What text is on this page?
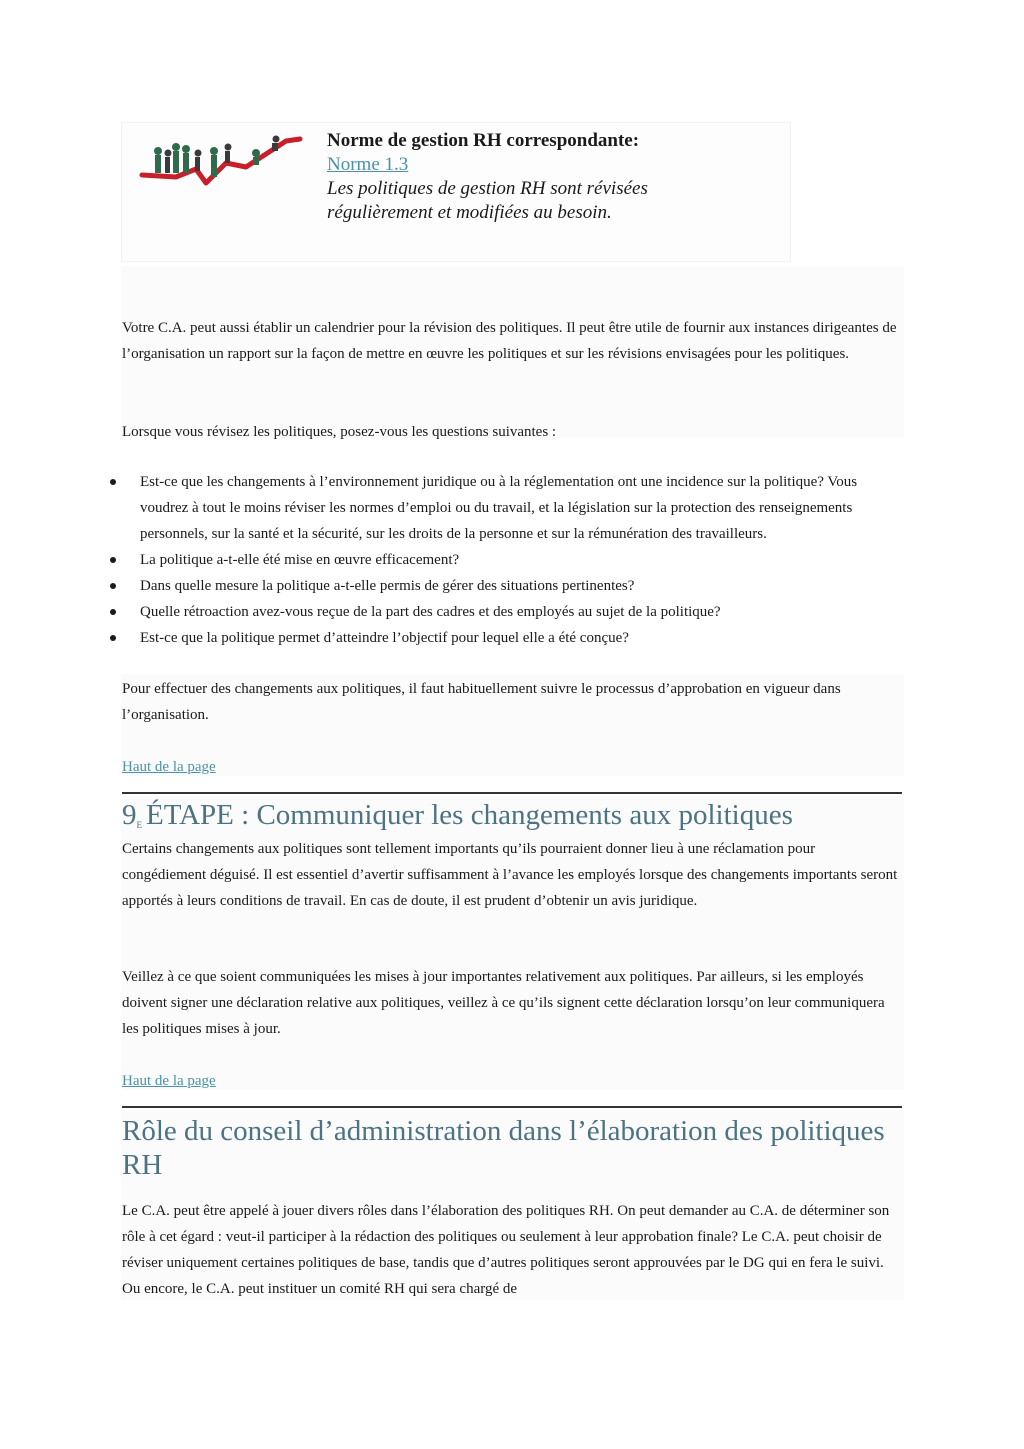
Norme de gestion RH correspondante:
Norme 1.3
Les politiques de gestion RH sont révisées
régulièrement et modifiées au besoin.

Votre C.A. peut aussi établir un calendrier pour la révision des politiques. Il peut être utile de fournir aux instances dirigeantes de l’organisation un rapport sur la façon de mettre en œuvre les politiques et sur les révisions envisagées pour les politiques.

Lorsque vous révisez les politiques, posez-vous les questions suivantes :

Est-ce que les changements à l’environnement juridique ou à la réglementation ont une incidence sur la politique? Vous voudrez à tout le moins réviser les normes d’emploi ou du travail, et la législation sur la protection des renseignements personnels, sur la santé et la sécurité, sur les droits de la personne et sur la rémunération des travailleurs.
La politique a-t-elle été mise en œuvre efficacement?
Dans quelle mesure la politique a-t-elle permis de gérer des situations pertinentes?
Quelle rétroaction avez-vous reçue de la part des cadres et des employés au sujet de la politique?
Est-ce que la politique permet d’atteindre l’objectif pour lequel elle a été conçue?

Pour effectuer des changements aux politiques, il faut habituellement suivre le processus d’approbation en vigueur dans l’organisation.

Haut de la page

$9^E$ ÉTAPE : Communiquer les changements aux politiques

Certains changements aux politiques sont tellement importants qu’ils pourraient donner lieu à une réclamation pour congédiement déguisé. Il est essentiel d’avertir suffisamment à l’avance les employés lorsque des changements importants seront apportés à leurs conditions de travail. En cas de doute, il est prudent d’obtenir un avis juridique.

Veillez à ce que soient communiquées les mises à jour importantes relativement aux politiques. Par ailleurs, si les employés doivent signer une déclaration relative aux politiques, veillez à ce qu’ils signent cette déclaration lorsqu’on leur communiquera les politiques mises à jour.

Haut de la page

Rôle du conseil d’administration dans l’élaboration des politiques RH

Le C.A. peut être appelé à jouer divers rôles dans l’élaboration des politiques RH. On peut demander au C.A. de déterminer son rôle à cet égard : veut-il participer à la rédaction des politiques ou seulement à leur approbation finale? Le C.A. peut choisir de réviser uniquement certaines politiques de base, tandis que d’autres politiques seront approuvées par le DG qui en fera le suivi. Ou encore, le C.A. peut instituer un comité RH qui sera chargé de
